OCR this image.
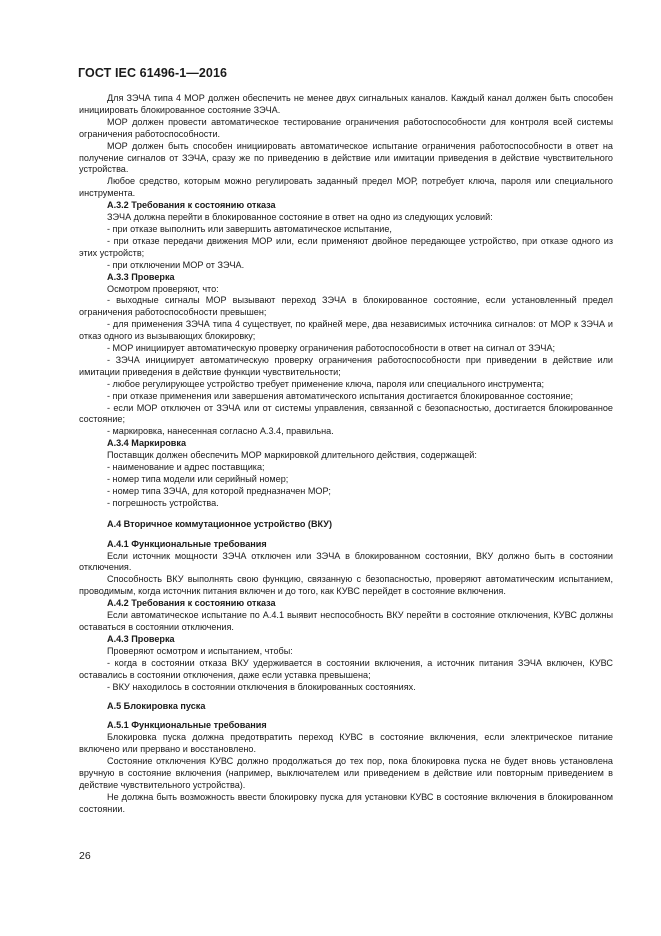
ГОСТ IEC 61496-1—2016

Для ЗЭЧА типа 4 МОР должен обеспечить не менее двух сигнальных каналов. Каждый канал должен быть способен инициировать блокированное состояние ЗЭЧА.

МОР должен провести автоматическое тестирование ограничения работоспособности для контроля всей системы ограничения работоспособности.

МОР должен быть способен инициировать автоматическое испытание ограничения работоспособности в ответ на получение сигналов от ЗЭЧА, сразу же по приведению в действие или имитации приведения в действие чувствительного устройства.

Любое средство, которым можно регулировать заданный предел МОР, потребует ключа, пароля или специального инструмента.

А.3.2 Требования к состоянию отказа

ЗЭЧА должна перейти в блокированное состояние в ответ на одно из следующих условий:

- при отказе выполнить или завершить автоматическое испытание,

- при отказе передачи движения МОР или, если применяют двойное передающее устройство, при отказе одного из этих устройств;

- при отключении МОР от ЗЭЧА.

А.3.3 Проверка

Осмотром проверяют, что:

- выходные сигналы МОР вызывают переход ЗЭЧА в блокированное состояние, если установленный предел ограничения работоспособности превышен;

- для применения ЗЭЧА типа 4 существует, по крайней мере, два независимых источника сигналов: от МОР к ЗЭЧА и отказ одного из вызывающих блокировку;

- МОР инициирует автоматическую проверку ограничения работоспособности в ответ на сигнал от ЗЭЧА;

- ЗЭЧА инициирует автоматическую проверку ограничения работоспособности при приведении в действие или имитации приведения в действие функции чувствительности;

- любое регулирующее устройство требует применение ключа, пароля или специального инструмента;

- при отказе применения или завершения автоматического испытания достигается блокированное состояние;

- если МОР отключен от ЗЭЧА или от системы управления, связанной с безопасностью, достигается блокированное состояние;

- маркировка, нанесенная согласно А.3.4, правильна.

А.3.4 Маркировка

Поставщик должен обеспечить МОР маркировкой длительного действия, содержащей:

- наименование и адрес поставщика;

- номер типа модели или серийный номер;

- номер типа ЗЭЧА, для которой предназначен МОР;

- погрешность устройства.

А.4 Вторичное коммутационное устройство (ВКУ)

А.4.1 Функциональные требования

Если источник мощности ЗЭЧА отключен или ЗЭЧА в блокированном состоянии, ВКУ должно быть в состоянии отключения.

Способность ВКУ выполнять свою функцию, связанную с безопасностью, проверяют автоматическим испытанием, проводимым, когда источник питания включен и до того, как КУВС перейдет в состояние включения.

А.4.2 Требования к состоянию отказа

Если автоматическое испытание по А.4.1 выявит неспособность ВКУ перейти в состояние отключения, КУВС должны оставаться в состоянии отключения.

А.4.3 Проверка

Проверяют осмотром и испытанием, чтобы:

- когда в состоянии отказа ВКУ удерживается в состоянии включения, а источник питания ЗЭЧА включен, КУВС оставались в состоянии отключения, даже если уставка превышена;

- ВКУ находилось в состоянии отключения в блокированных состояниях.

А.5 Блокировка пуска

А.5.1 Функциональные требования

Блокировка пуска должна предотвратить переход КУВС в состояние включения, если электрическое питание включено или прервано и восстановлено.

Состояние отключения КУВС должно продолжаться до тех пор, пока блокировка пуска не будет вновь установлена вручную в состояние включения (например, выключателем или приведением в действие или повторным приведением в действие чувствительного устройства).

Не должна быть возможность ввести блокировку пуска для установки КУВС в состояние включения в блокированном состоянии.

26
